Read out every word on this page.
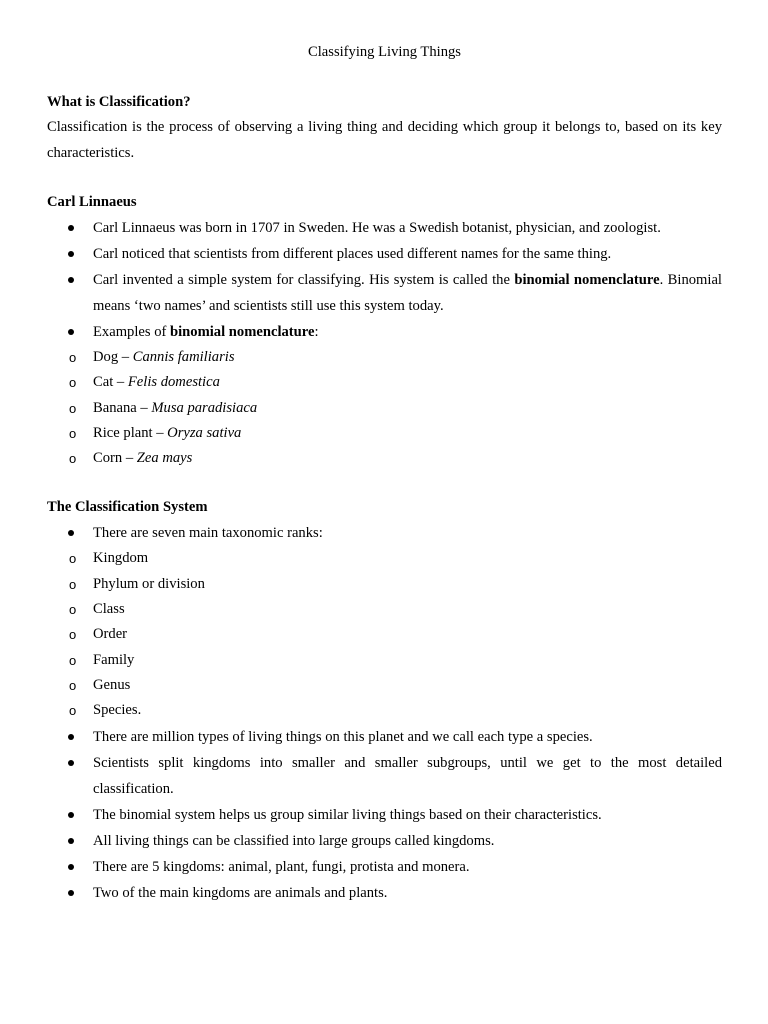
Classifying Living Things
What is Classification?

Classification is the process of observing a living thing and deciding which group it belongs to, based on its key characteristics.

Carl Linnaeus
Carl Linnaeus was born in 1707 in Sweden. He was a Swedish botanist, physician, and zoologist.
Carl noticed that scientists from different places used different names for the same thing.
Carl invented a simple system for classifying. His system is called the binomial nomenclature. Binomial means ‘two names’ and scientists still use this system today.
Examples of binomial nomenclature:
o Dog – Cannis familiaris
o Cat – Felis domestica
o Banana – Musa paradisiaca
o Rice plant – Oryza sativa
o Corn – Zea mays
The Classification System
There are seven main taxonomic ranks:
o Kingdom
o Phylum or division
o Class
o Order
o Family
o Genus
o Species.
There are million types of living things on this planet and we call each type a species.
Scientists split kingdoms into smaller and smaller subgroups, until we get to the most detailed classification.
The binomial system helps us group similar living things based on their characteristics.
All living things can be classified into large groups called kingdoms.
There are 5 kingdoms: animal, plant, fungi, protista and monera.
Two of the main kingdoms are animals and plants.
